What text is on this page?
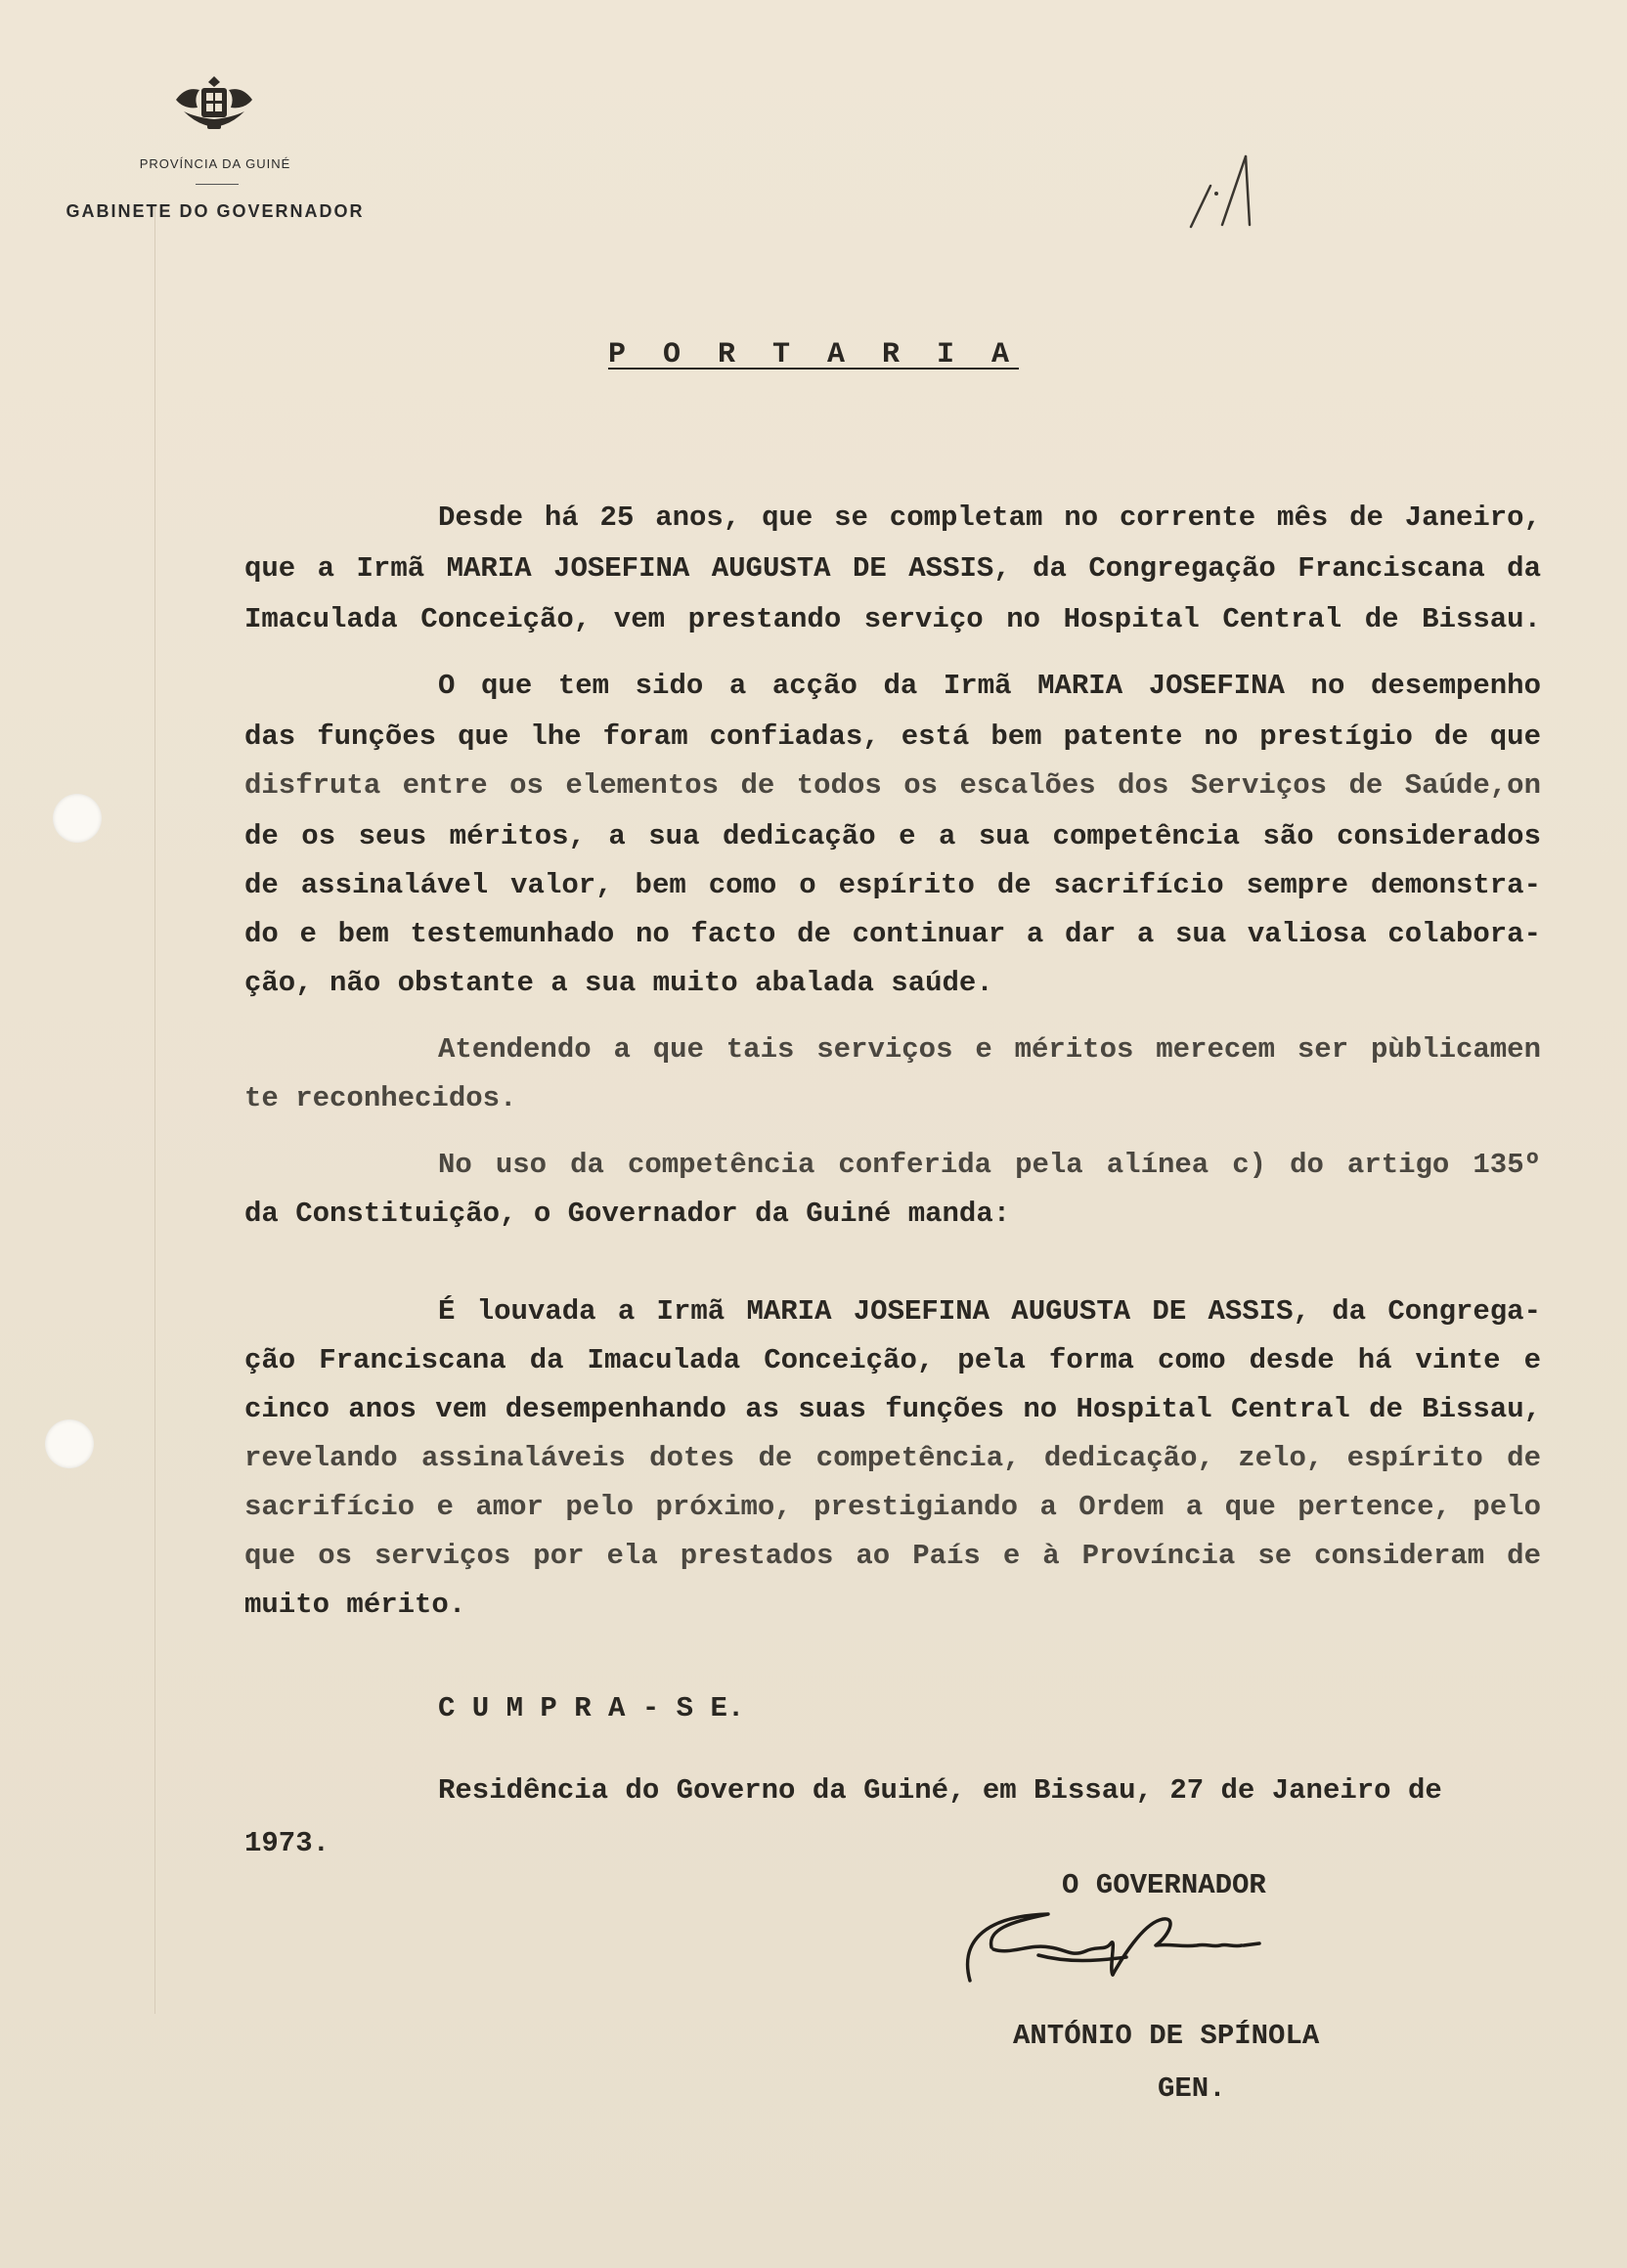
PROVÍNCIA DA GUINÉ
GABINETE DO GOVERNADOR
P O R T A R I A
Desde há 25 anos, que se completam no corrente mês de Janeiro,
que a Irmã MARIA JOSEFINA AUGUSTA DE ASSIS, da Congregação Franciscana da
Imaculada Conceição, vem prestando serviço no Hospital Central de Bissau.
O que tem sido a acção da Irmã MARIA JOSEFINA no desempenho
das funções que lhe foram confiadas, está bem patente no prestígio de que
disfruta entre os elementos de todos os escalões dos Serviços de Saúde,on
de os seus méritos, a sua dedicação e a sua competência são considerados
de assinalável valor, bem como o espírito de sacrifício sempre demonstra-
do e bem testemunhado no facto de continuar a dar a sua valiosa colabora-
ção, não obstante a sua muito abalada saúde.
Atendendo a que tais serviços e méritos merecem ser pùblicamen
te reconhecidos.
No uso da competência conferida pela alínea c) do artigo 135º
da Constituição, o Governador da Guiné manda:
É louvada a Irmã MARIA JOSEFINA AUGUSTA DE ASSIS, da Congrega-
ção Franciscana da Imaculada Conceição, pela forma como desde há vinte e
cinco anos vem desempenhando as suas funções no Hospital Central de Bissau,
revelando assinaláveis dotes de competência, dedicação, zelo, espírito de
sacrifício e amor pelo próximo, prestigiando a Ordem a que pertence, pelo
que os serviços por ela prestados ao País e à Província se consideram de
muito mérito.
C U M P R A - S E.
Residência do Governo da Guiné, em Bissau, 27 de Janeiro de
1973.
O GOVERNADOR
ANTÓNIO DE SPÍNOLA
GEN.
